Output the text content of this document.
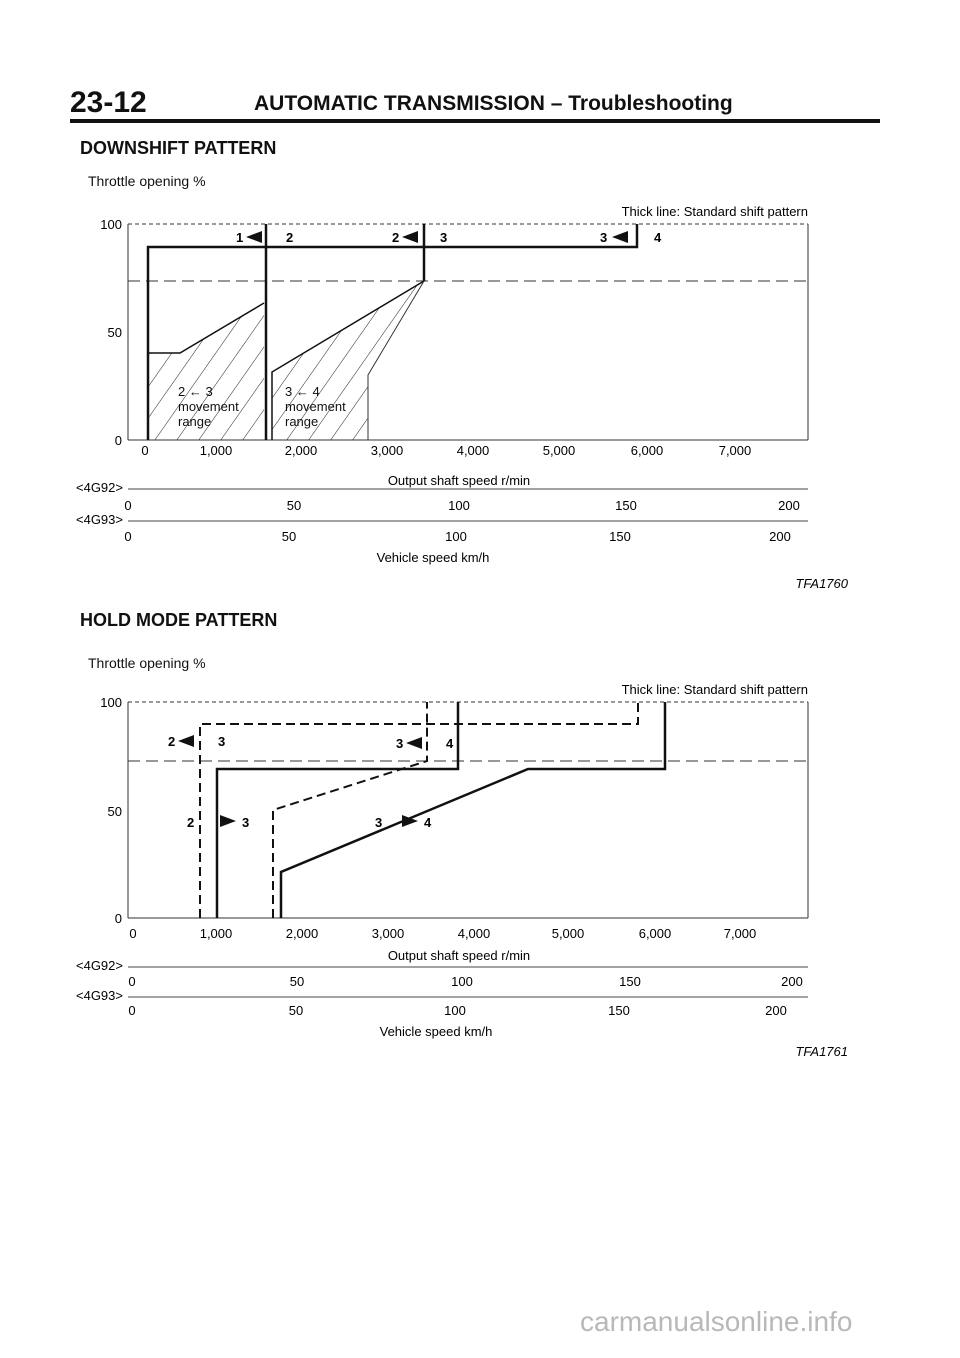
23-12	AUTOMATIC TRANSMISSION – Troubleshooting
DOWNSHIFT PATTERN
Throttle opening %
Thick line: Standard shift pattern
100
50
0
1	2	2	3	3	4
2 ← 3
movement
range
3 ← 4
movement
range
0	1,000	2,000	3,000	4,000	5,000	6,000	7,000
Output shaft speed r/min
<4G92>
0	50	100	150	200
<4G93>
0	50	100	150	200
Vehicle speed km/h
TFA1760
HOLD MODE PATTERN
Throttle opening %
Thick line: Standard shift pattern
100
50
0
2	3	3	4
2	3	3	4
0	1,000	2,000	3,000	4,000	5,000	6,000	7,000
Output shaft speed r/min
<4G92>
0	50	100	150	200
<4G93>
0	50	100	150	200
Vehicle speed km/h
TFA1761
carmanualsonline.info
